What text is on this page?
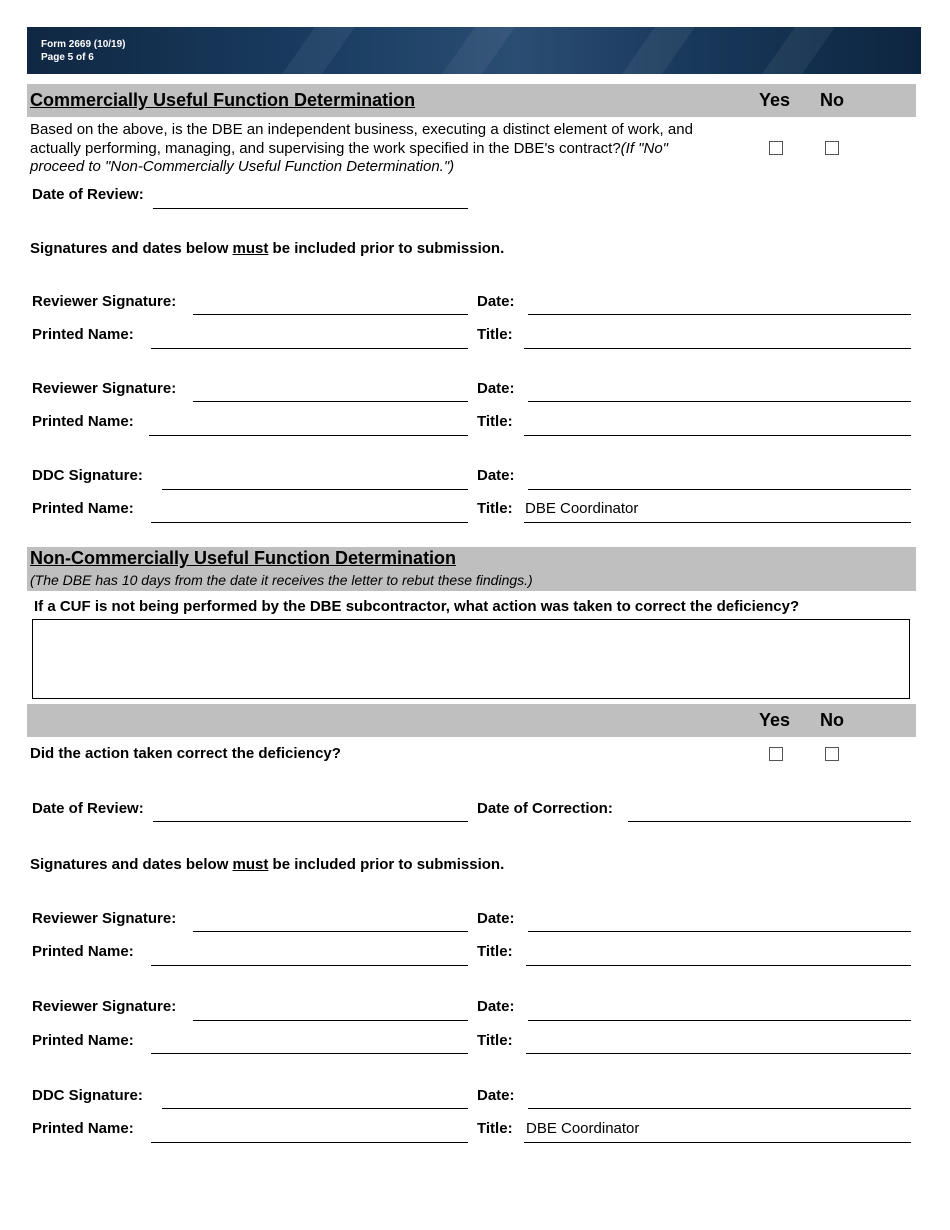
Form 2669 (10/19)
Page 5 of 6
Commercially Useful Function Determination	Yes No
Based on the above, is the DBE an independent business, executing a distinct element of work, and
actually performing, managing, and supervising the work specified in the DBE's contract?(If "No"
proceed to "Non-Commercially Useful Function Determination.")
Date of Review:
Signatures and dates below must be included prior to submission.
Reviewer Signature:	Date:
Printed Name:	Title:
Reviewer Signature:	Date:
Printed Name:	Title:
DDC Signature:	Date:
Printed Name:	Title: DBE Coordinator
Non-Commercially Useful Function Determination
(The DBE has 10 days from the date it receives the letter to rebut these findings.)
If a CUF is not being performed by the DBE subcontractor, what action was taken to correct the deficiency?
Yes No
Did the action taken correct the deficiency?
Date of Review:	Date of Correction:
Signatures and dates below must be included prior to submission.
Reviewer Signature:	Date:
Printed Name:	Title:
Reviewer Signature:	Date:
Printed Name:	Title:
DDC Signature:	Date:
Printed Name:	Title: DBE Coordinator
